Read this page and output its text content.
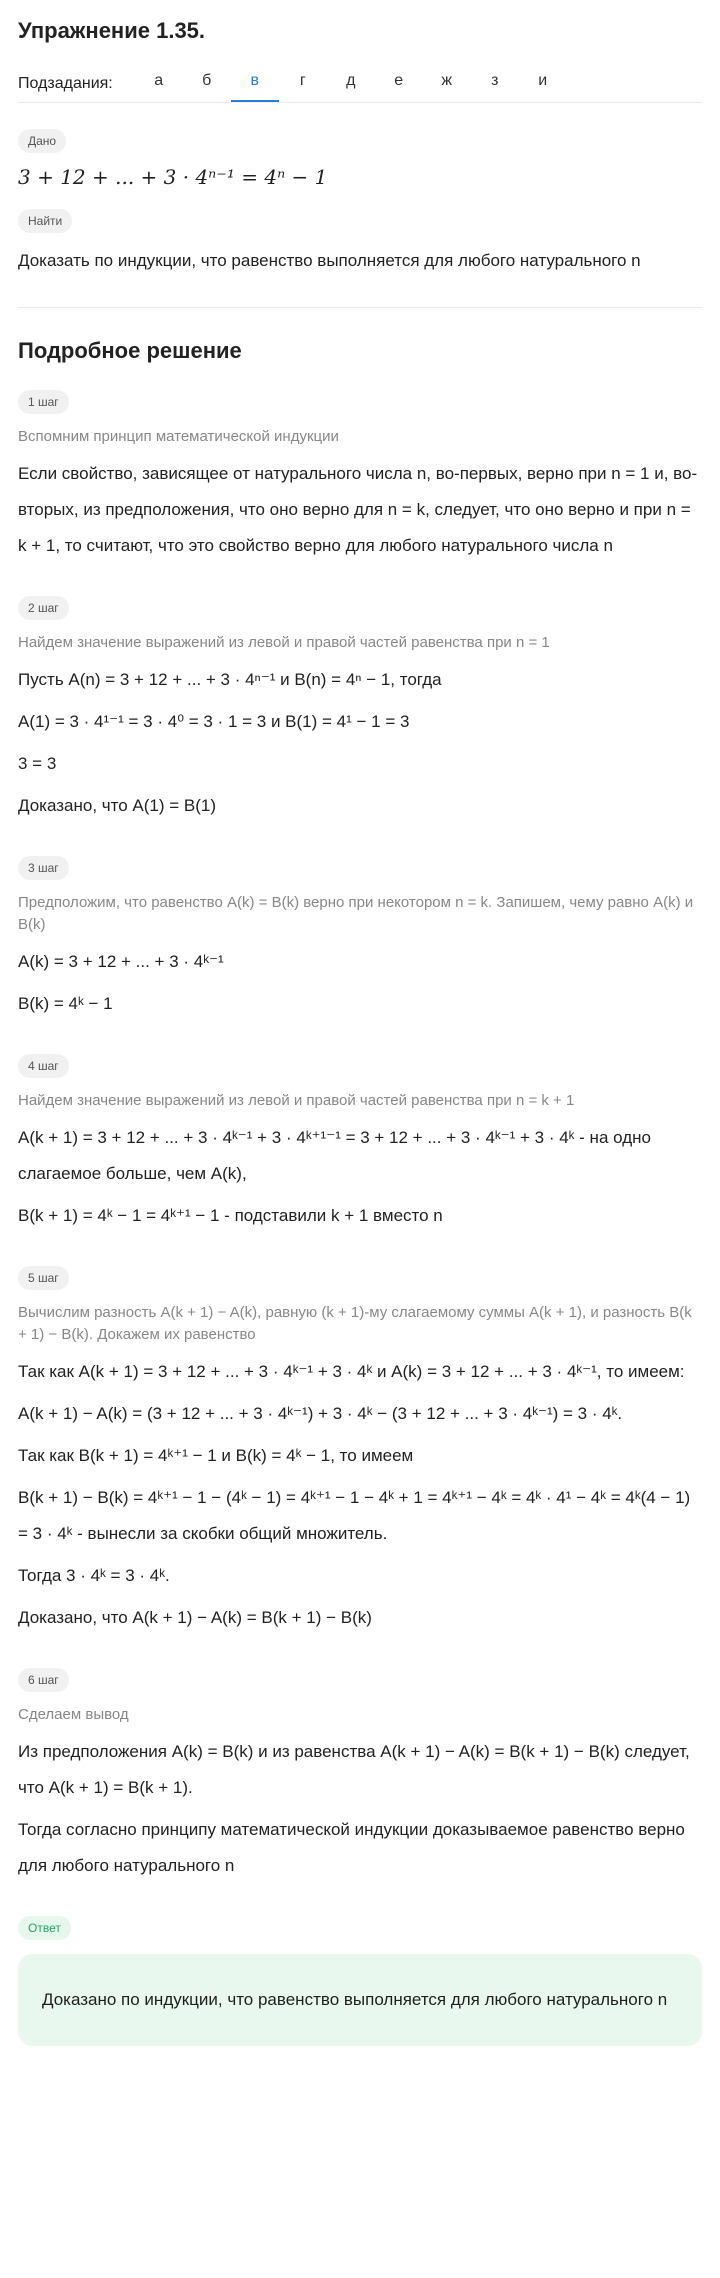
Упражнение 1.35.
Подзадания:	а	б	в	г	д	е	ж	з	и
Дано
3 + 12 + ... + 3 · 4ⁿ⁻¹ = 4ⁿ − 1
Найти
Доказать по индукции, что равенство выполняется для любого натурального n
Подробное решение
1 шаг
Вспомним принцип математической индукции
Если свойство, зависящее от натурального числа n, во-первых, верно при n = 1 и, во-вторых, из предположения, что оно верно для n = k, следует, что оно верно и при n = k + 1, то считают, что это свойство верно для любого натурального числа n
2 шаг
Найдем значение выражений из левой и правой частей равенства при n = 1
Пусть A(n) = 3 + 12 + ... + 3 · 4ⁿ⁻¹ и B(n) = 4ⁿ − 1, тогда
A(1) = 3 · 4¹⁻¹ = 3 · 4⁰ = 3 · 1 = 3 и B(1) = 4¹ − 1 = 3
3 = 3
Доказано, что A(1) = B(1)
3 шаг
Предположим, что равенство A(k) = B(k) верно при некотором n = k. Запишем, чему равно A(k) и B(k)
A(k) = 3 + 12 + ... + 3 · 4ᵏ⁻¹
B(k) = 4ᵏ − 1
4 шаг
Найдем значение выражений из левой и правой частей равенства при n = k + 1
A(k + 1) = 3 + 12 + ... + 3 · 4ᵏ⁻¹ + 3 · 4ᵏ⁺¹⁻¹ = 3 + 12 + ... + 3 · 4ᵏ⁻¹ + 3 · 4ᵏ - на одно слагаемое больше, чем A(k),
B(k + 1) = 4ᵏ − 1 = 4ᵏ⁺¹ − 1 - подставили k + 1 вместо n
5 шаг
Вычислим разность A(k + 1) − A(k), равную (k + 1)-му слагаемому суммы A(k + 1), и разность B(k + 1) − B(k). Докажем их равенство
Так как A(k + 1) = 3 + 12 + ... + 3 · 4ᵏ⁻¹ + 3 · 4ᵏ и A(k) = 3 + 12 + ... + 3 · 4ᵏ⁻¹, то имеем:
A(k + 1) − A(k) = (3 + 12 + ... + 3 · 4ᵏ⁻¹) + 3 · 4ᵏ − (3 + 12 + ... + 3 · 4ᵏ⁻¹) = 3 · 4ᵏ.
Так как B(k + 1) = 4ᵏ⁺¹ − 1 и B(k) = 4ᵏ − 1, то имеем
B(k + 1) − B(k) = 4ᵏ⁺¹ − 1 − (4ᵏ − 1) = 4ᵏ⁺¹ − 1 − 4ᵏ + 1 = 4ᵏ⁺¹ − 4ᵏ = 4ᵏ · 4¹ − 4ᵏ = 4ᵏ(4 − 1) = 3 · 4ᵏ - вынесли за скобки общий множитель.
Тогда 3 · 4ᵏ = 3 · 4ᵏ.
Доказано, что A(k + 1) − A(k) = B(k + 1) − B(k)
6 шаг
Сделаем вывод
Из предположения A(k) = B(k) и из равенства A(k + 1) − A(k) = B(k + 1) − B(k) следует, что A(k + 1) = B(k + 1).
Тогда согласно принципу математической индукции доказываемое равенство верно для любого натурального n
Ответ
Доказано по индукции, что равенство выполняется для любого натурального n
